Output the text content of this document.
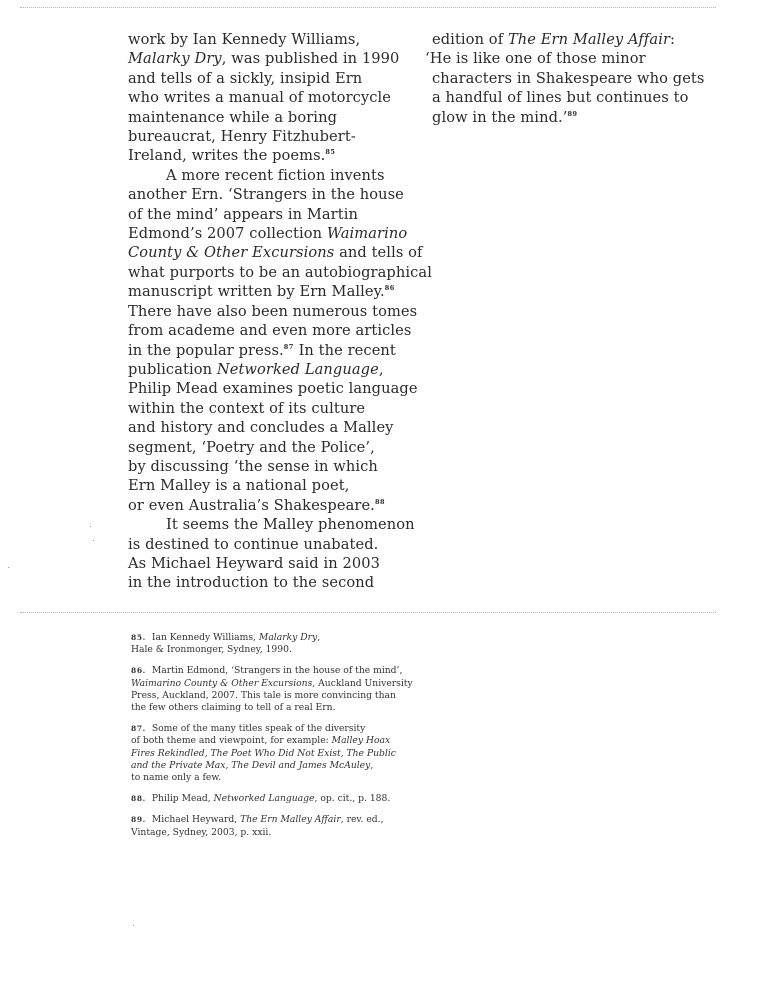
work by Ian Kennedy Williams,
Malarky Dry, was published in 1990
and tells of a sickly, insipid Ern
who writes a manual of motorcycle
maintenance while a boring
bureaucrat, Henry Fitzhubert-
Ireland, writes the poems.$^{85}$
A more recent fiction invents
another Ern. ‘Strangers in the house
of the mind’ appears in Martin
Edmond’s 2007 collection Waimarino
County & Other Excursions and tells of
what purports to be an autobiographical
manuscript written by Ern Malley.$^{86}$
There have also been numerous tomes
from academe and even more articles
in the popular press.$^{87}$ In the recent
publication Networked Language,
Philip Mead examines poetic language
within the context of its culture
and history and concludes a Malley
segment, ‘Poetry and the Police’,
by discussing ‘the sense in which
Ern Malley is a national poet,
or even Australia’s Shakespeare.$^{88}$
It seems the Malley phenomenon
is destined to continue unabated.
As Michael Heyward said in 2003
in the introduction to the second
edition of The Ern Malley Affair:
‘He is like one of those minor
characters in Shakespeare who gets
a handful of lines but continues to
glow in the mind.’$^{89}$
85. Ian Kennedy Williams, Malarky Dry,
Hale & Ironmonger, Sydney, 1990.
86. Martin Edmond, ‘Strangers in the house of the mind’,
Waimarino County & Other Excursions, Auckland University
Press, Auckland, 2007. This tale is more convincing than
the few others claiming to tell of a real Ern.
87. Some of the many titles speak of the diversity
of both theme and viewpoint, for example: Malley Hoax
Fires Rekindled, The Poet Who Did Not Exist, The Public
and the Private Max, The Devil and James McAuley,
to name only a few.
88. Philip Mead, Networked Language, op. cit., p. 188.
89. Michael Heyward, The Ern Malley Affair, rev. ed.,
Vintage, Sydney, 2003, p. xxii.
